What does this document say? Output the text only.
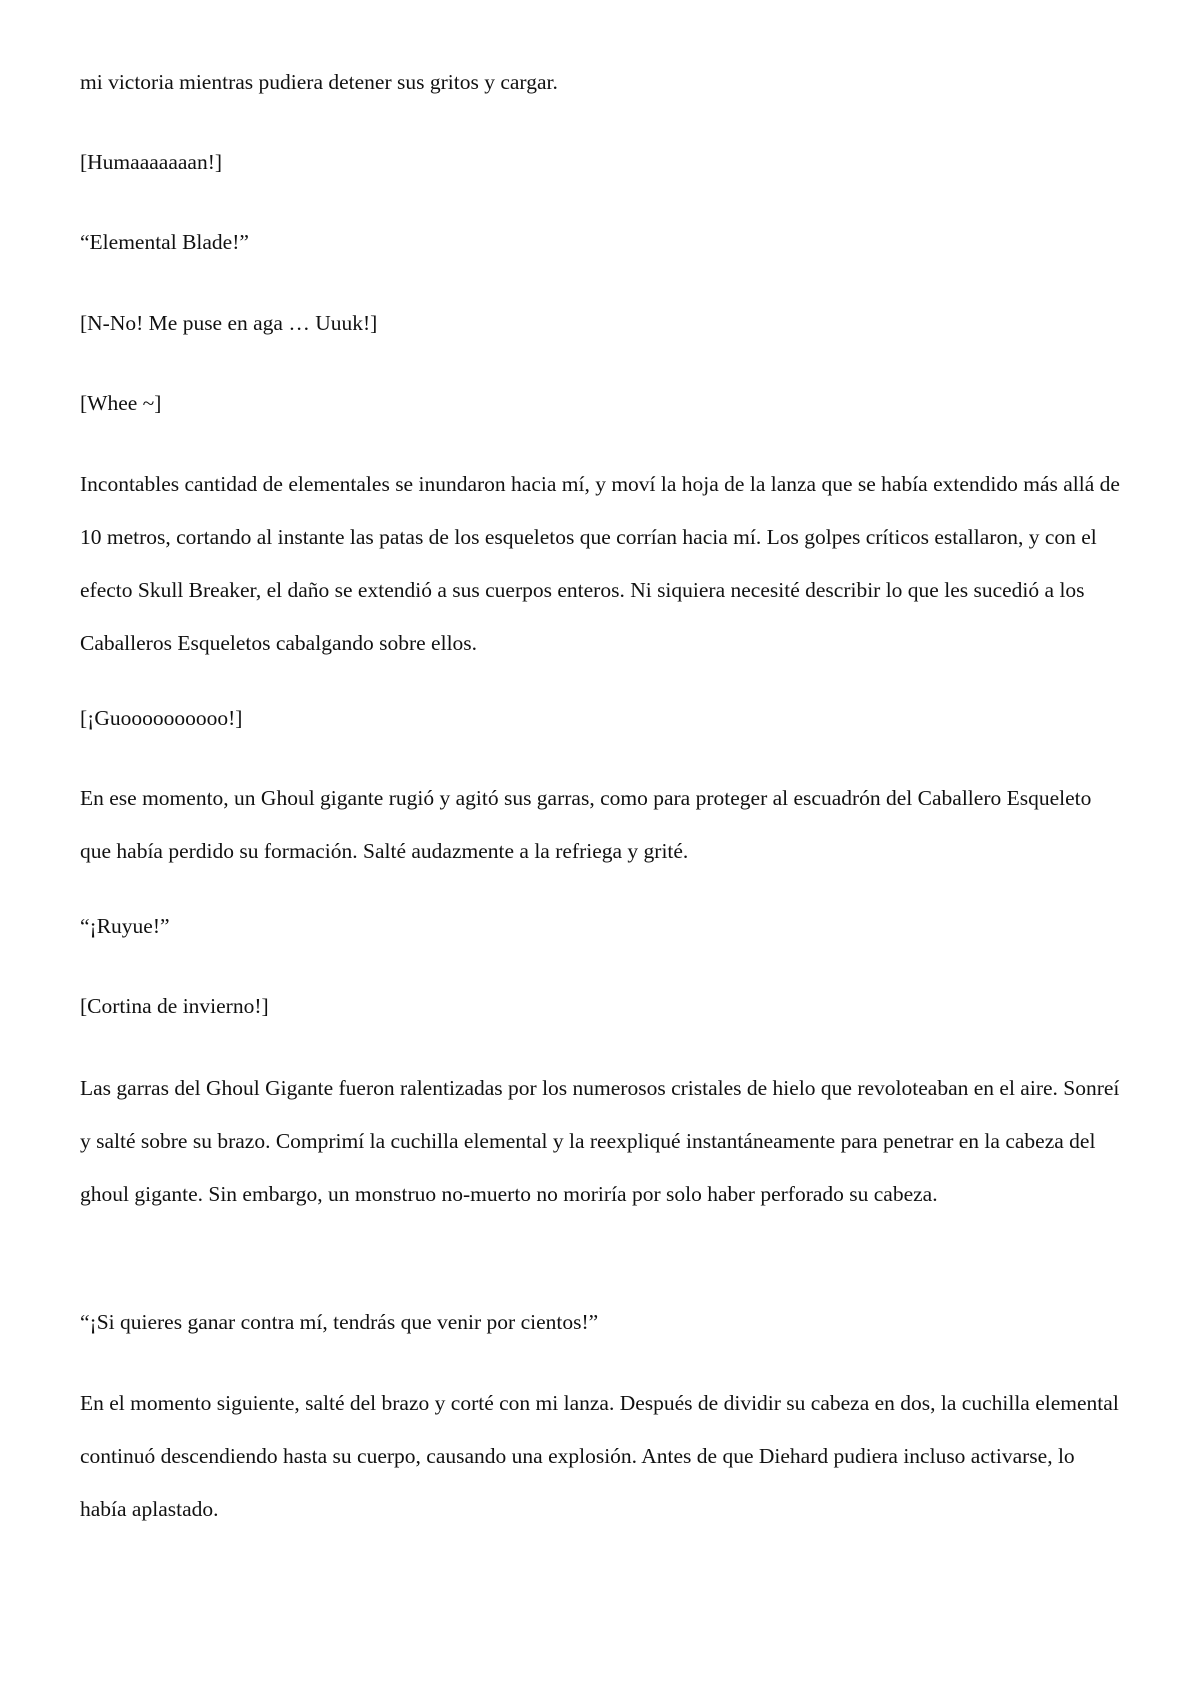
mi victoria mientras pudiera detener sus gritos y cargar.

[Humaaaaaaan!]

“Elemental Blade!”

[N-No! Me puse en aga … Uuuk!]

[Whee ~]

Incontables cantidad de elementales se inundaron hacia mí, y moví la hoja de la lanza que se había extendido más allá de 10 metros, cortando al instante las patas de los esqueletos que corrían hacia mí. Los golpes críticos estallaron, y con el efecto Skull Breaker, el daño se extendió a sus cuerpos enteros. Ni siquiera necesité describir lo que les sucedió a los Caballeros Esqueletos cabalgando sobre ellos.

[¡Guoooooooooo!]

En ese momento, un Ghoul gigante rugió y agitó sus garras, como para proteger al escuadrón del Caballero Esqueleto que había perdido su formación. Salté audazmente a la refriega y grité.

“¡Ruyue!”

[Cortina de invierno!]

Las garras del Ghoul Gigante fueron ralentizadas por los numerosos cristales de hielo que revoloteaban en el aire. Sonreí y salté sobre su brazo. Comprimí la cuchilla elemental y la reexpliqué instantáneamente para penetrar en la cabeza del ghoul gigante. Sin embargo, un monstruo no-muerto no moriría por solo haber perforado su cabeza.

“¡Si quieres ganar contra mí, tendrás que venir por cientos!”

En el momento siguiente, salté del brazo y corté con mi lanza. Después de dividir su cabeza en dos, la cuchilla elemental continuó descendiendo hasta su cuerpo, causando una explosión. Antes de que Diehard pudiera incluso activarse, lo había aplastado.
